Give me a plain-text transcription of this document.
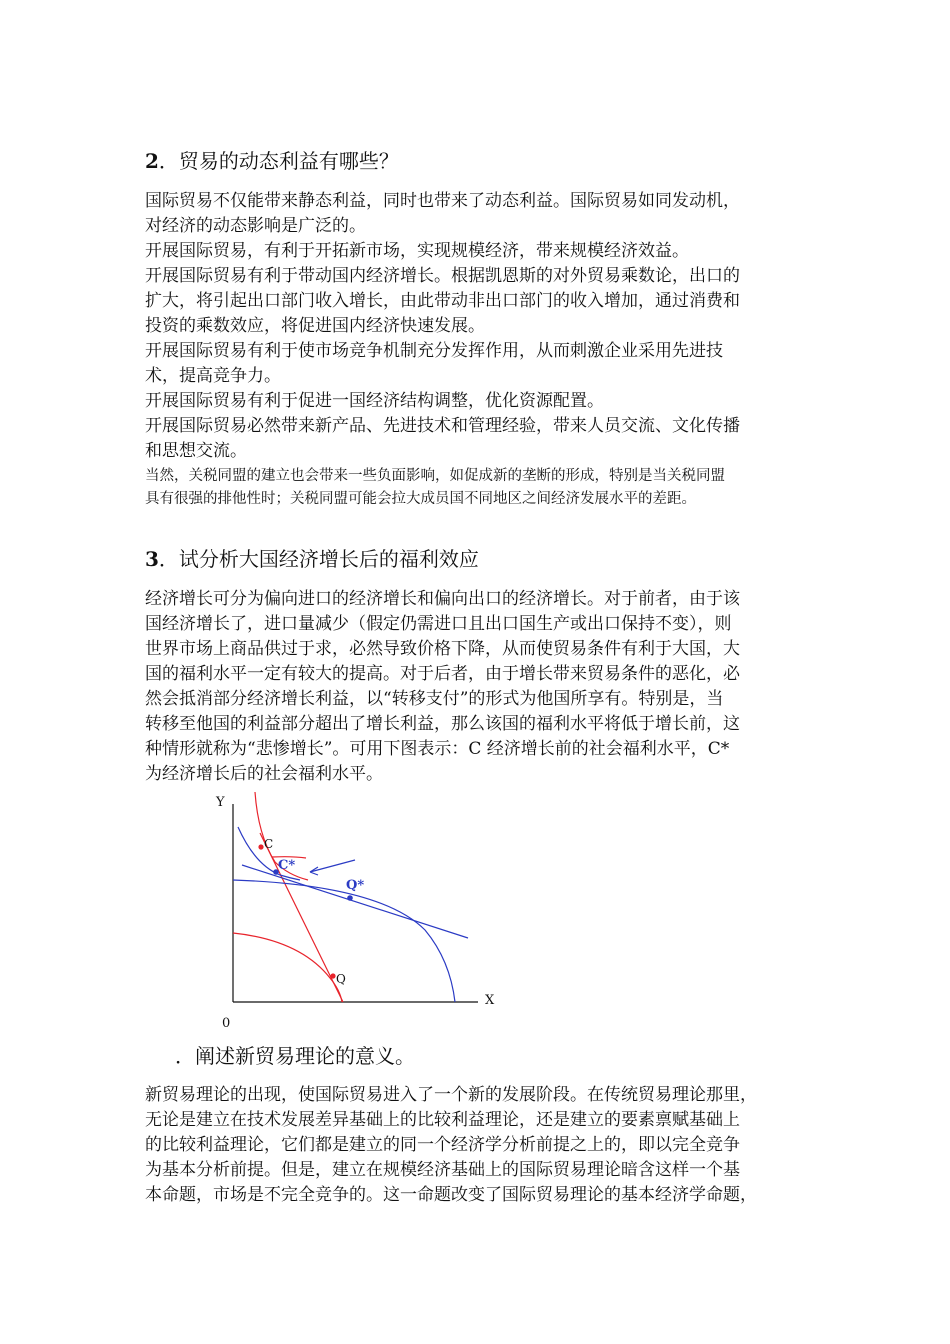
2．贸易的动态利益有哪些？
国际贸易不仅能带来静态利益，同时也带来了动态利益。国际贸易如同发动机，
对经济的动态影响是广泛的。
开展国际贸易，有利于开拓新市场，实现规模经济，带来规模经济效益。
开展国际贸易有利于带动国内经济增长。根据凯恩斯的对外贸易乘数论，出口的
扩大，将引起出口部门收入增长，由此带动非出口部门的收入增加，通过消费和
投资的乘数效应，将促进国内经济快速发展。
开展国际贸易有利于使市场竞争机制充分发挥作用，从而刺激企业采用先进技
术，提高竞争力。
开展国际贸易有利于促进一国经济结构调整，优化资源配置。
开展国际贸易必然带来新产品、先进技术和管理经验，带来人员交流、文化传播
和思想交流。
当然，关税同盟的建立也会带来一些负面影响，如促成新的垄断的形成，特别是当关税同盟
具有很强的排他性时；关税同盟可能会拉大成员国不同地区之间经济发展水平的差距。
3．试分析大国经济增长后的福利效应
经济增长可分为偏向进口的经济增长和偏向出口的经济增长。对于前者，由于该
国经济增长了，进口量减少（假定仍需进口且出口国生产或出口保持不变），则
世界市场上商品供过于求，必然导致价格下降，从而使贸易条件有利于大国，大
国的福利水平一定有较大的提高。对于后者，由于增长带来贸易条件的恶化，必
然会抵消部分经济增长利益，以“转移支付”的形式为他国所享有。特别是，当
转移至他国的利益部分超出了增长利益，那么该国的福利水平将低于增长前，这
种情形就称为“悲惨增长”。可用下图表示：C 经济增长前的社会福利水平，C*
为经济增长后的社会福利水平。
．阐述新贸易理论的意义。
新贸易理论的出现，使国际贸易进入了一个新的发展阶段。在传统贸易理论那里，
无论是建立在技术发展差异基础上的比较利益理论，还是建立的要素禀赋基础上
的比较利益理论，它们都是建立的同一个经济学分析前提之上的，即以完全竞争
为基本分析前提。但是，建立在规模经济基础上的国际贸易理论暗含这样一个基
本命题，市场是不完全竞争的。这一命题改变了国际贸易理论的基本经济学命题，
Y
X
0
C
C*
Q*
Q
